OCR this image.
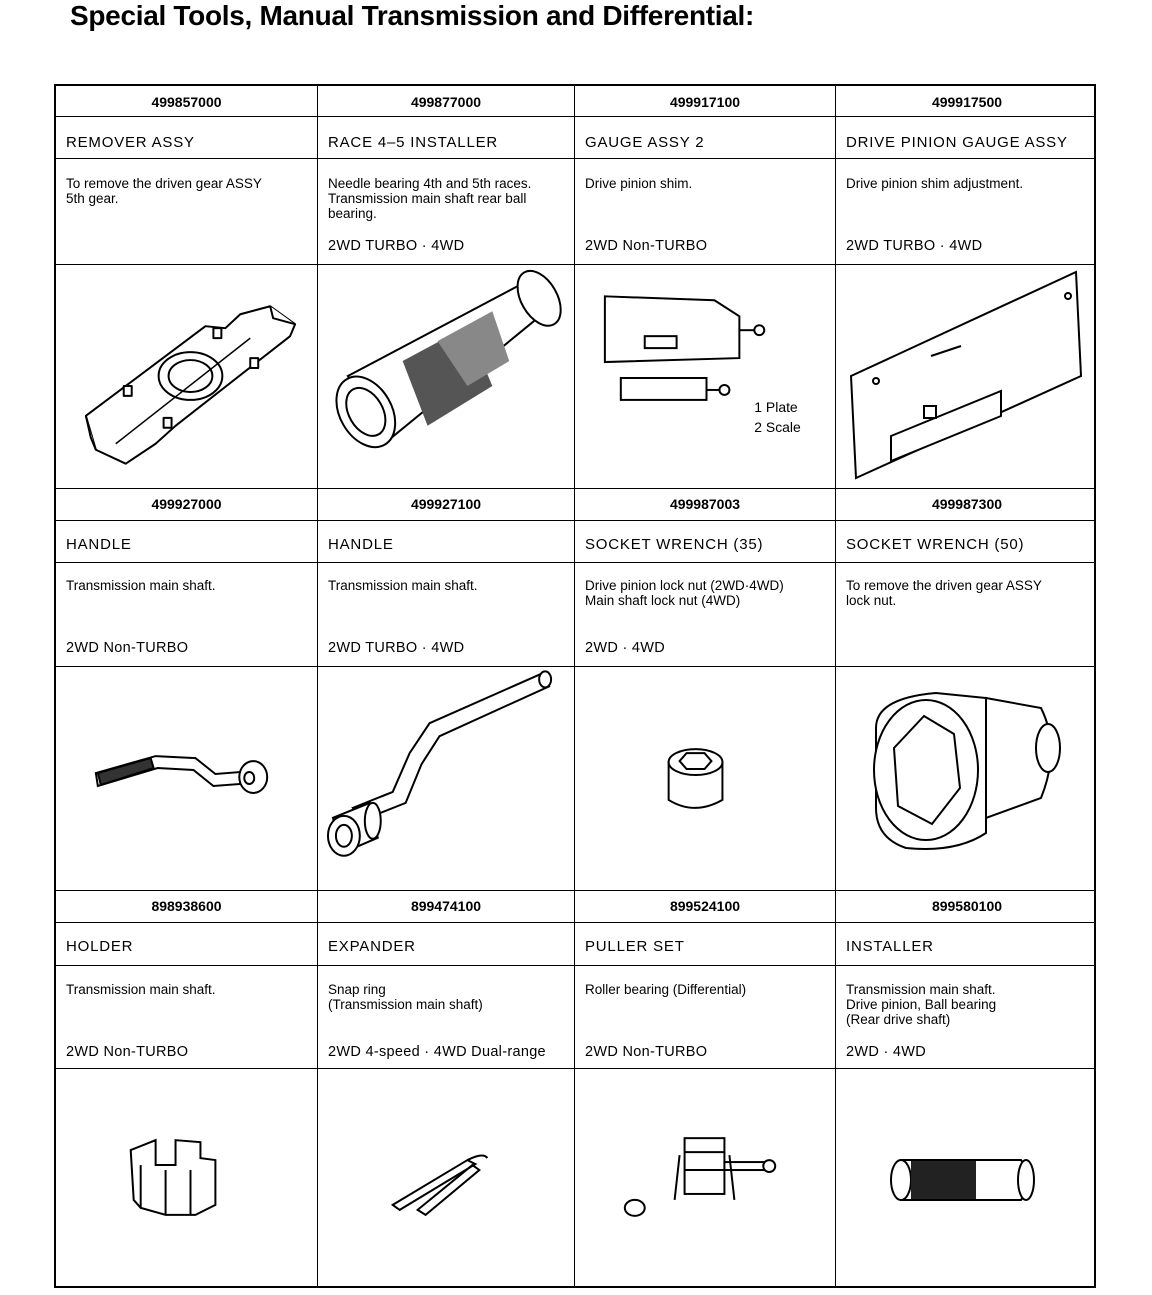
Special Tools, Manual Transmission and Differential:
499857000
REMOVER ASSY
To remove the driven gear ASSY
5th gear.
499877000
RACE 4–5 INSTALLER
Needle bearing 4th and 5th races.
Transmission main shaft rear ball
bearing.
2WD TURBO · 4WD
499917100
GAUGE ASSY 2
Drive pinion shim.
2WD Non-TURBO
1 Plate
2 Scale
499917500
DRIVE PINION GAUGE ASSY
Drive pinion shim adjustment.
2WD TURBO · 4WD
499927000
HANDLE
Transmission main shaft.
2WD Non-TURBO
499927100
HANDLE
Transmission main shaft.
2WD TURBO · 4WD
499987003
SOCKET WRENCH (35)
Drive pinion lock nut (2WD·4WD)
Main shaft lock nut (4WD)
2WD · 4WD
499987300
SOCKET WRENCH (50)
To remove the driven gear ASSY
lock nut.
898938600
HOLDER
Transmission main shaft.
2WD Non-TURBO
899474100
EXPANDER
Snap ring
(Transmission main shaft)
2WD 4-speed · 4WD Dual-range
899524100
PULLER SET
Roller bearing (Differential)
2WD Non-TURBO
899580100
INSTALLER
Transmission main shaft.
Drive pinion, Ball bearing
(Rear drive shaft)
2WD · 4WD
